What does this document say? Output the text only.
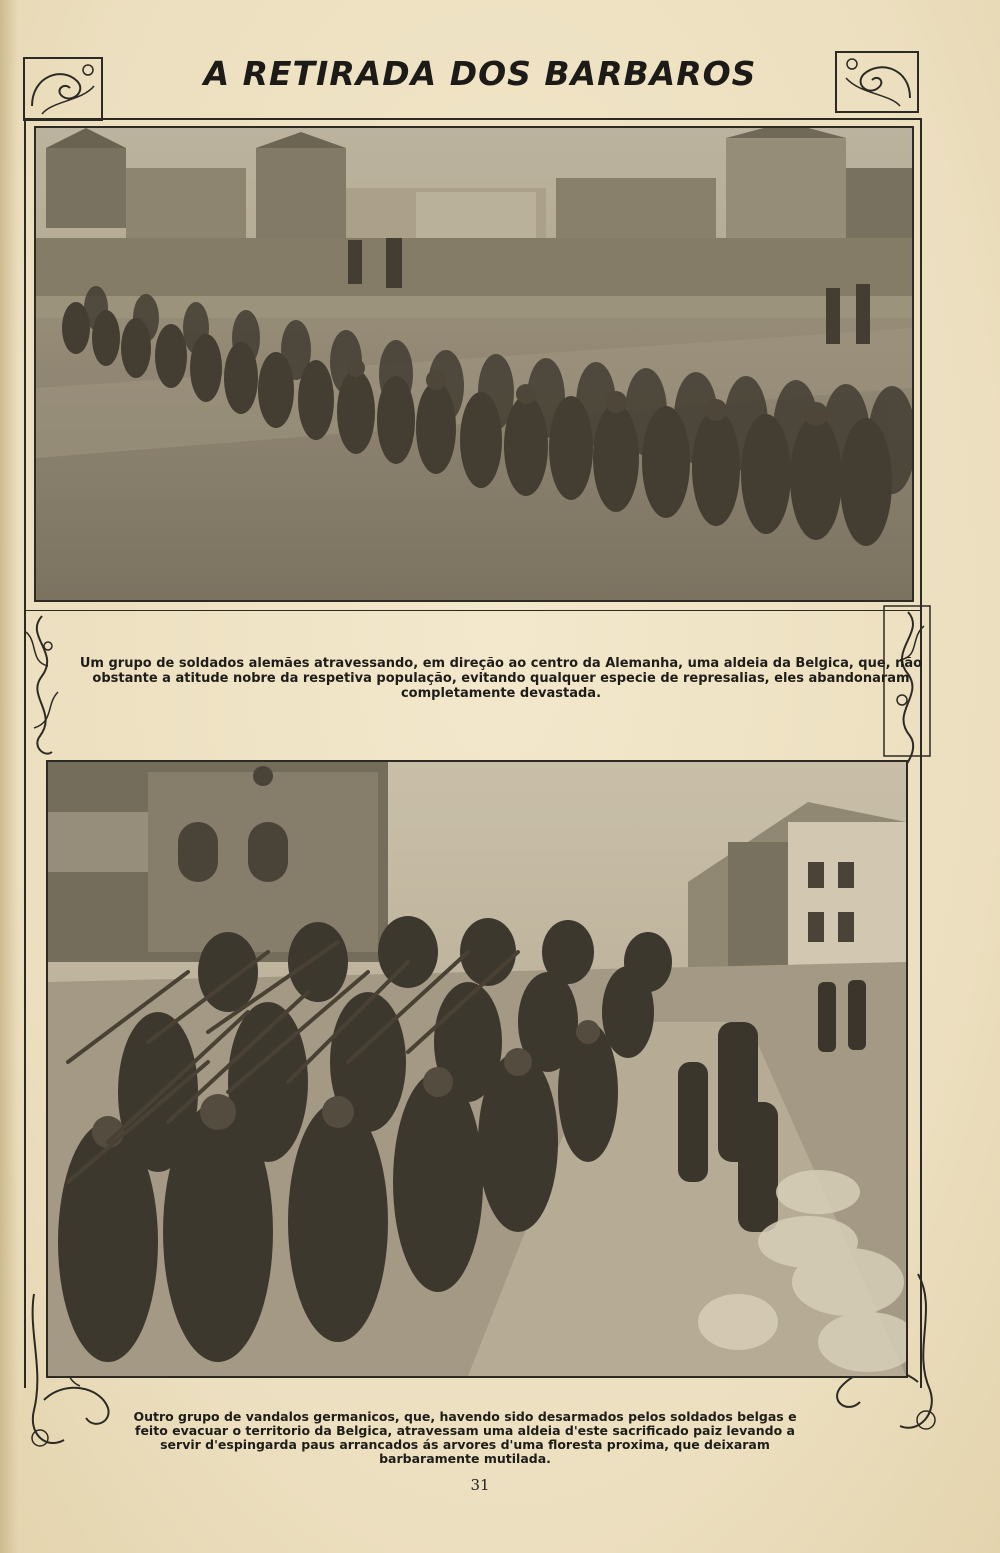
A RETIRADA DOS BARBAROS
Um grupo de soldados alemães atravessando, em direção ao centro da Alemanha, uma aldeia da Belgica, que, não obstante a atitude nobre da respetiva população, evitando qualquer especie de represalias, eles abandonaram completamente devastada.
Outro grupo de vandalos germanicos, que, havendo sido desarmados pelos soldados belgas e feito evacuar o territorio da Belgica, atravessam uma aldeia d'este sacrificado paiz levando a servir d'espingarda paus arrancados ás arvores d'uma floresta proxima, que deixaram barbaramente mutilada.
31
